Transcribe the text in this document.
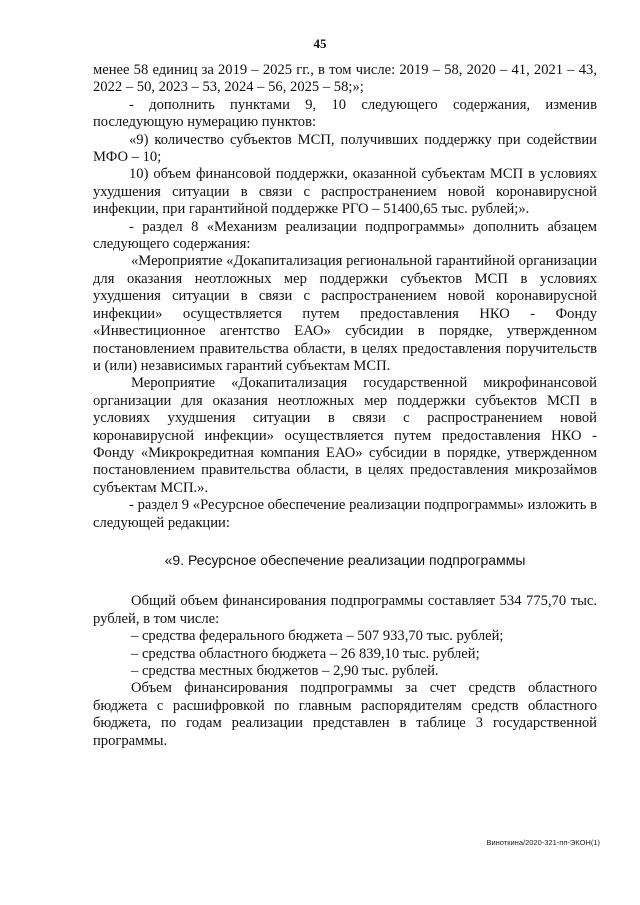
45

менее 58 единиц за 2019 – 2025 гг., в том числе: 2019 – 58, 2020 – 41, 2021 – 43, 2022 – 50, 2023 – 53, 2024 – 56, 2025 – 58;»;

- дополнить пунктами 9, 10 следующего содержания, изменив последующую нумерацию пунктов:

«9) количество субъектов МСП, получивших поддержку при содействии МФО – 10;

10) объем финансовой поддержки, оказанной субъектам МСП в условиях ухудшения ситуации в связи с распространением новой коронавирусной инфекции, при гарантийной поддержке РГО – 51400,65 тыс. рублей;».

- раздел 8 «Механизм реализации подпрограммы» дополнить абзацем следующего содержания:

«Мероприятие «Докапитализация региональной гарантийной организации для оказания неотложных мер поддержки субъектов МСП в условиях ухудшения ситуации в связи с распространением новой коронавирусной инфекции» осуществляется путем предоставления НКО - Фонду «Инвестиционное агентство ЕАО» субсидии в порядке, утвержденном постановлением правительства области, в целях предоставления поручительств и (или) независимых гарантий субъектам МСП.

Мероприятие «Докапитализация государственной микрофинансовой организации для оказания неотложных мер поддержки субъектов МСП в условиях ухудшения ситуации в связи с распространением новой коронавирусной инфекции» осуществляется путем предоставления НКО - Фонду «Микрокредитная компания ЕАО» субсидии в порядке, утвержденном постановлением правительства области, в целях предоставления микрозаймов субъектам МСП.».

- раздел 9 «Ресурсное обеспечение реализации подпрограммы» изложить в следующей редакции:

«9. Ресурсное обеспечение реализации подпрограммы

Общий объем финансирования подпрограммы составляет 534 775,70 тыс. рублей, в том числе:

– средства федерального бюджета – 507 933,70 тыс. рублей;
– средства областного бюджета – 26 839,10 тыс. рублей;
– средства местных бюджетов – 2,90 тыс. рублей.

Объем финансирования подпрограммы за счет средств областного бюджета с расшифровкой по главным распорядителям средств областного бюджета, по годам реализации представлен в таблице 3 государственной программы.

Виноткина/2020-321-пп-ЭКОН(1)
